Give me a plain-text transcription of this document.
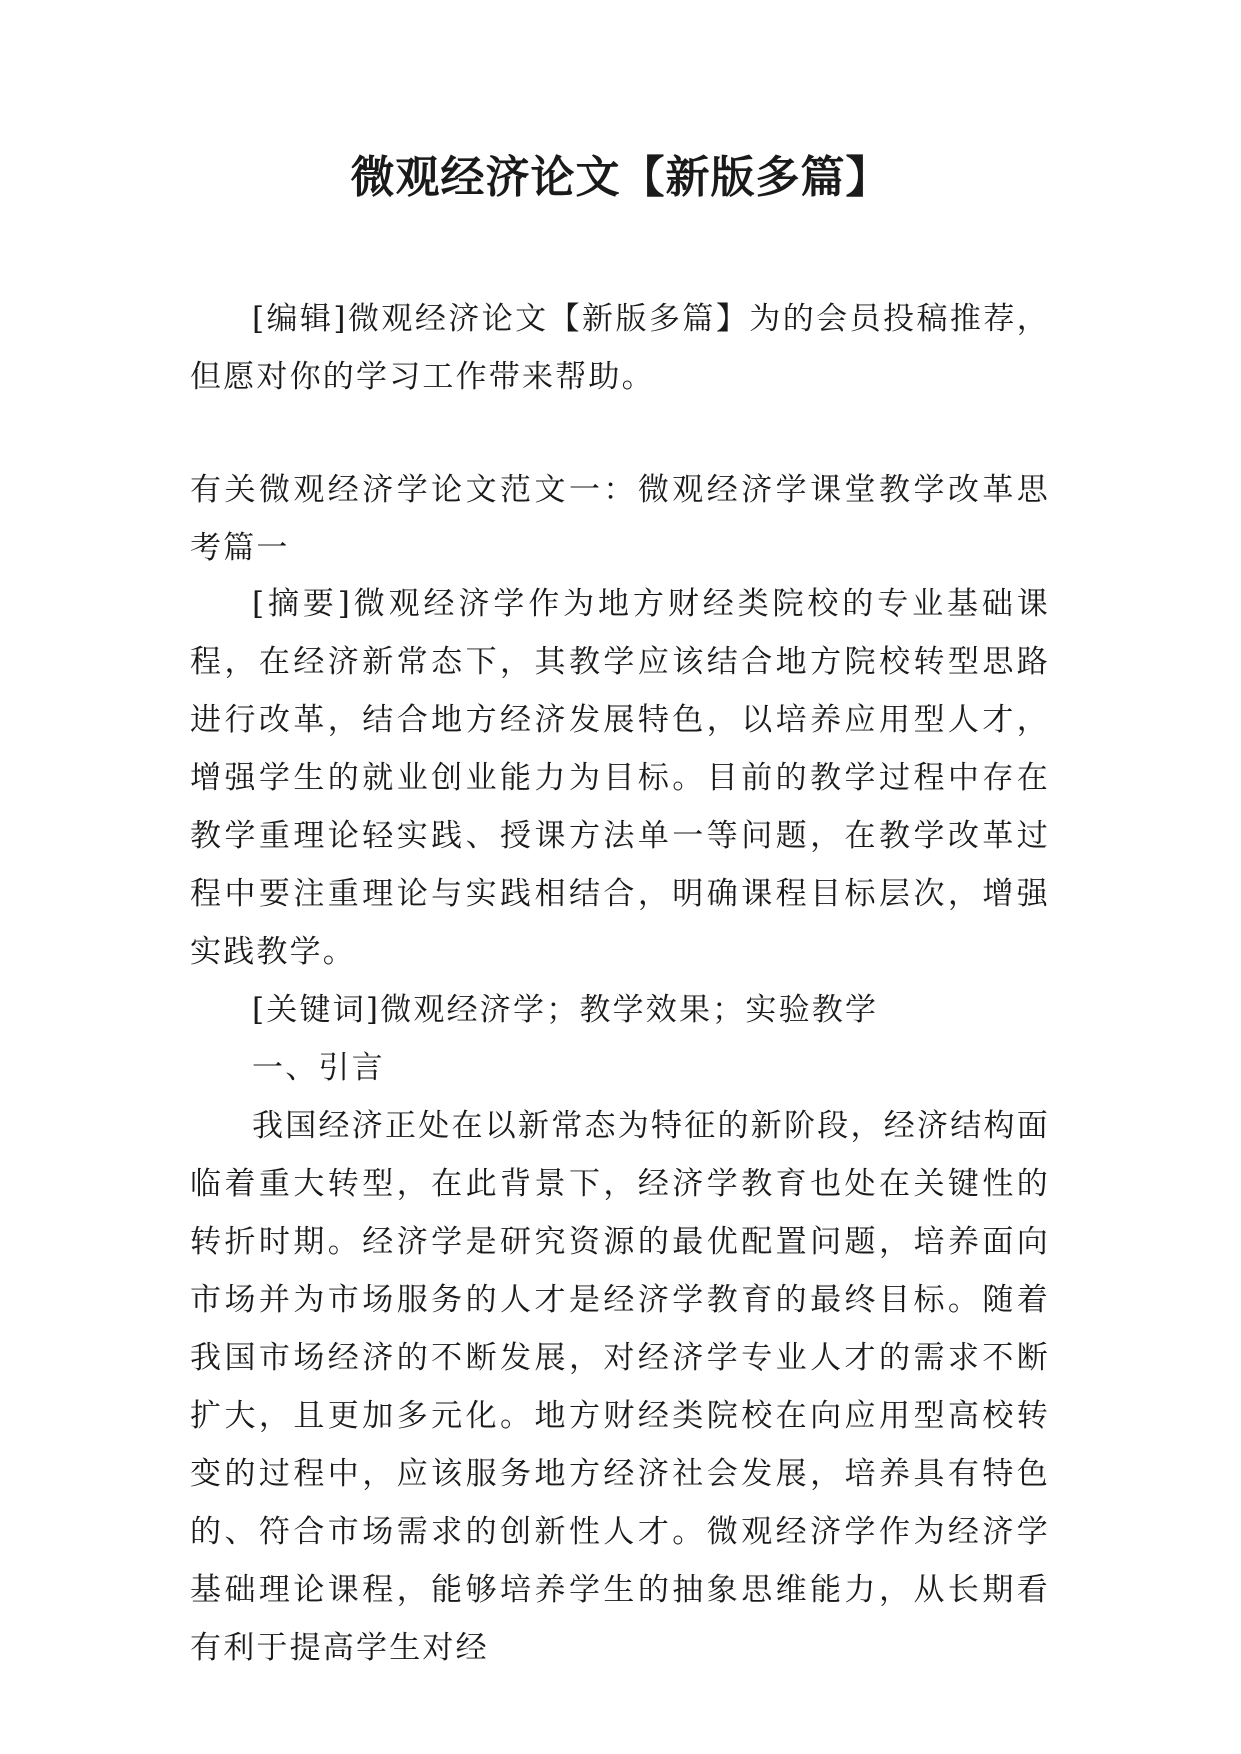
微观经济论文【新版多篇】

[编辑]微观经济论文【新版多篇】为的会员投稿推荐，但愿对你的学习工作带来帮助。

有关微观经济学论文范文一：微观经济学课堂教学改革思考篇一

[摘要]微观经济学作为地方财经类院校的专业基础课程，在经济新常态下，其教学应该结合地方院校转型思路进行改革，结合地方经济发展特色，以培养应用型人才，增强学生的就业创业能力为目标。目前的教学过程中存在教学重理论轻实践、授课方法单一等问题，在教学改革过程中要注重理论与实践相结合，明确课程目标层次，增强实践教学。

[关键词]微观经济学；教学效果；实验教学

一、引言

我国经济正处在以新常态为特征的新阶段，经济结构面临着重大转型，在此背景下，经济学教育也处在关键性的转折时期。经济学是研究资源的最优配置问题，培养面向市场并为市场服务的人才是经济学教育的最终目标。随着我国市场经济的不断发展，对经济学专业人才的需求不断扩大，且更加多元化。地方财经类院校在向应用型高校转变的过程中，应该服务地方经济社会发展，培养具有特色的、符合市场需求的创新性人才。微观经济学作为经济学基础理论课程，能够培养学生的抽象思维能力，从长期看有利于提高学生对经
